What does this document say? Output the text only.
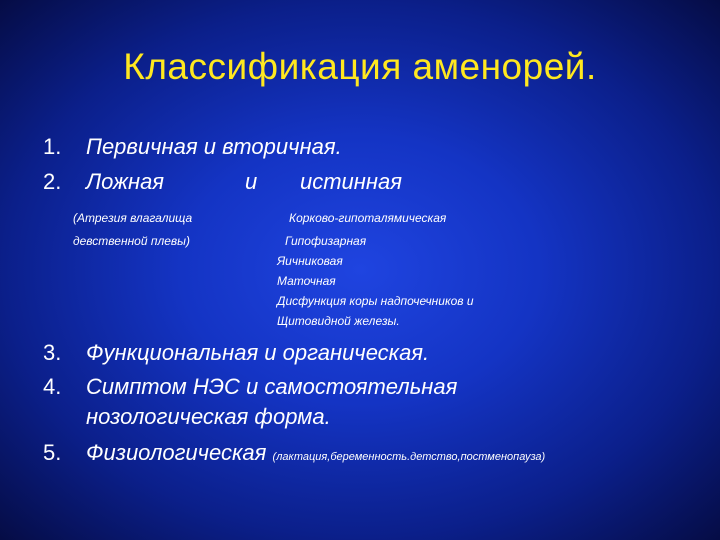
Классификация аменорей.
1. Первичная и вторичная.
2. Ложная	и истинная
(Атрезия влагалища
девственной плевы)
Корково-гипоталямическая
Гипофизарная
Яичниковая
Маточная
Дисфункция коры надпочечников и
Щитовидной железы.
3. Функциональная и органическая.
4. Симптом НЭС и самостоятельная
нозологическая форма.
5. Физиологическая (лактация,беременность.детство,постменопауза)
